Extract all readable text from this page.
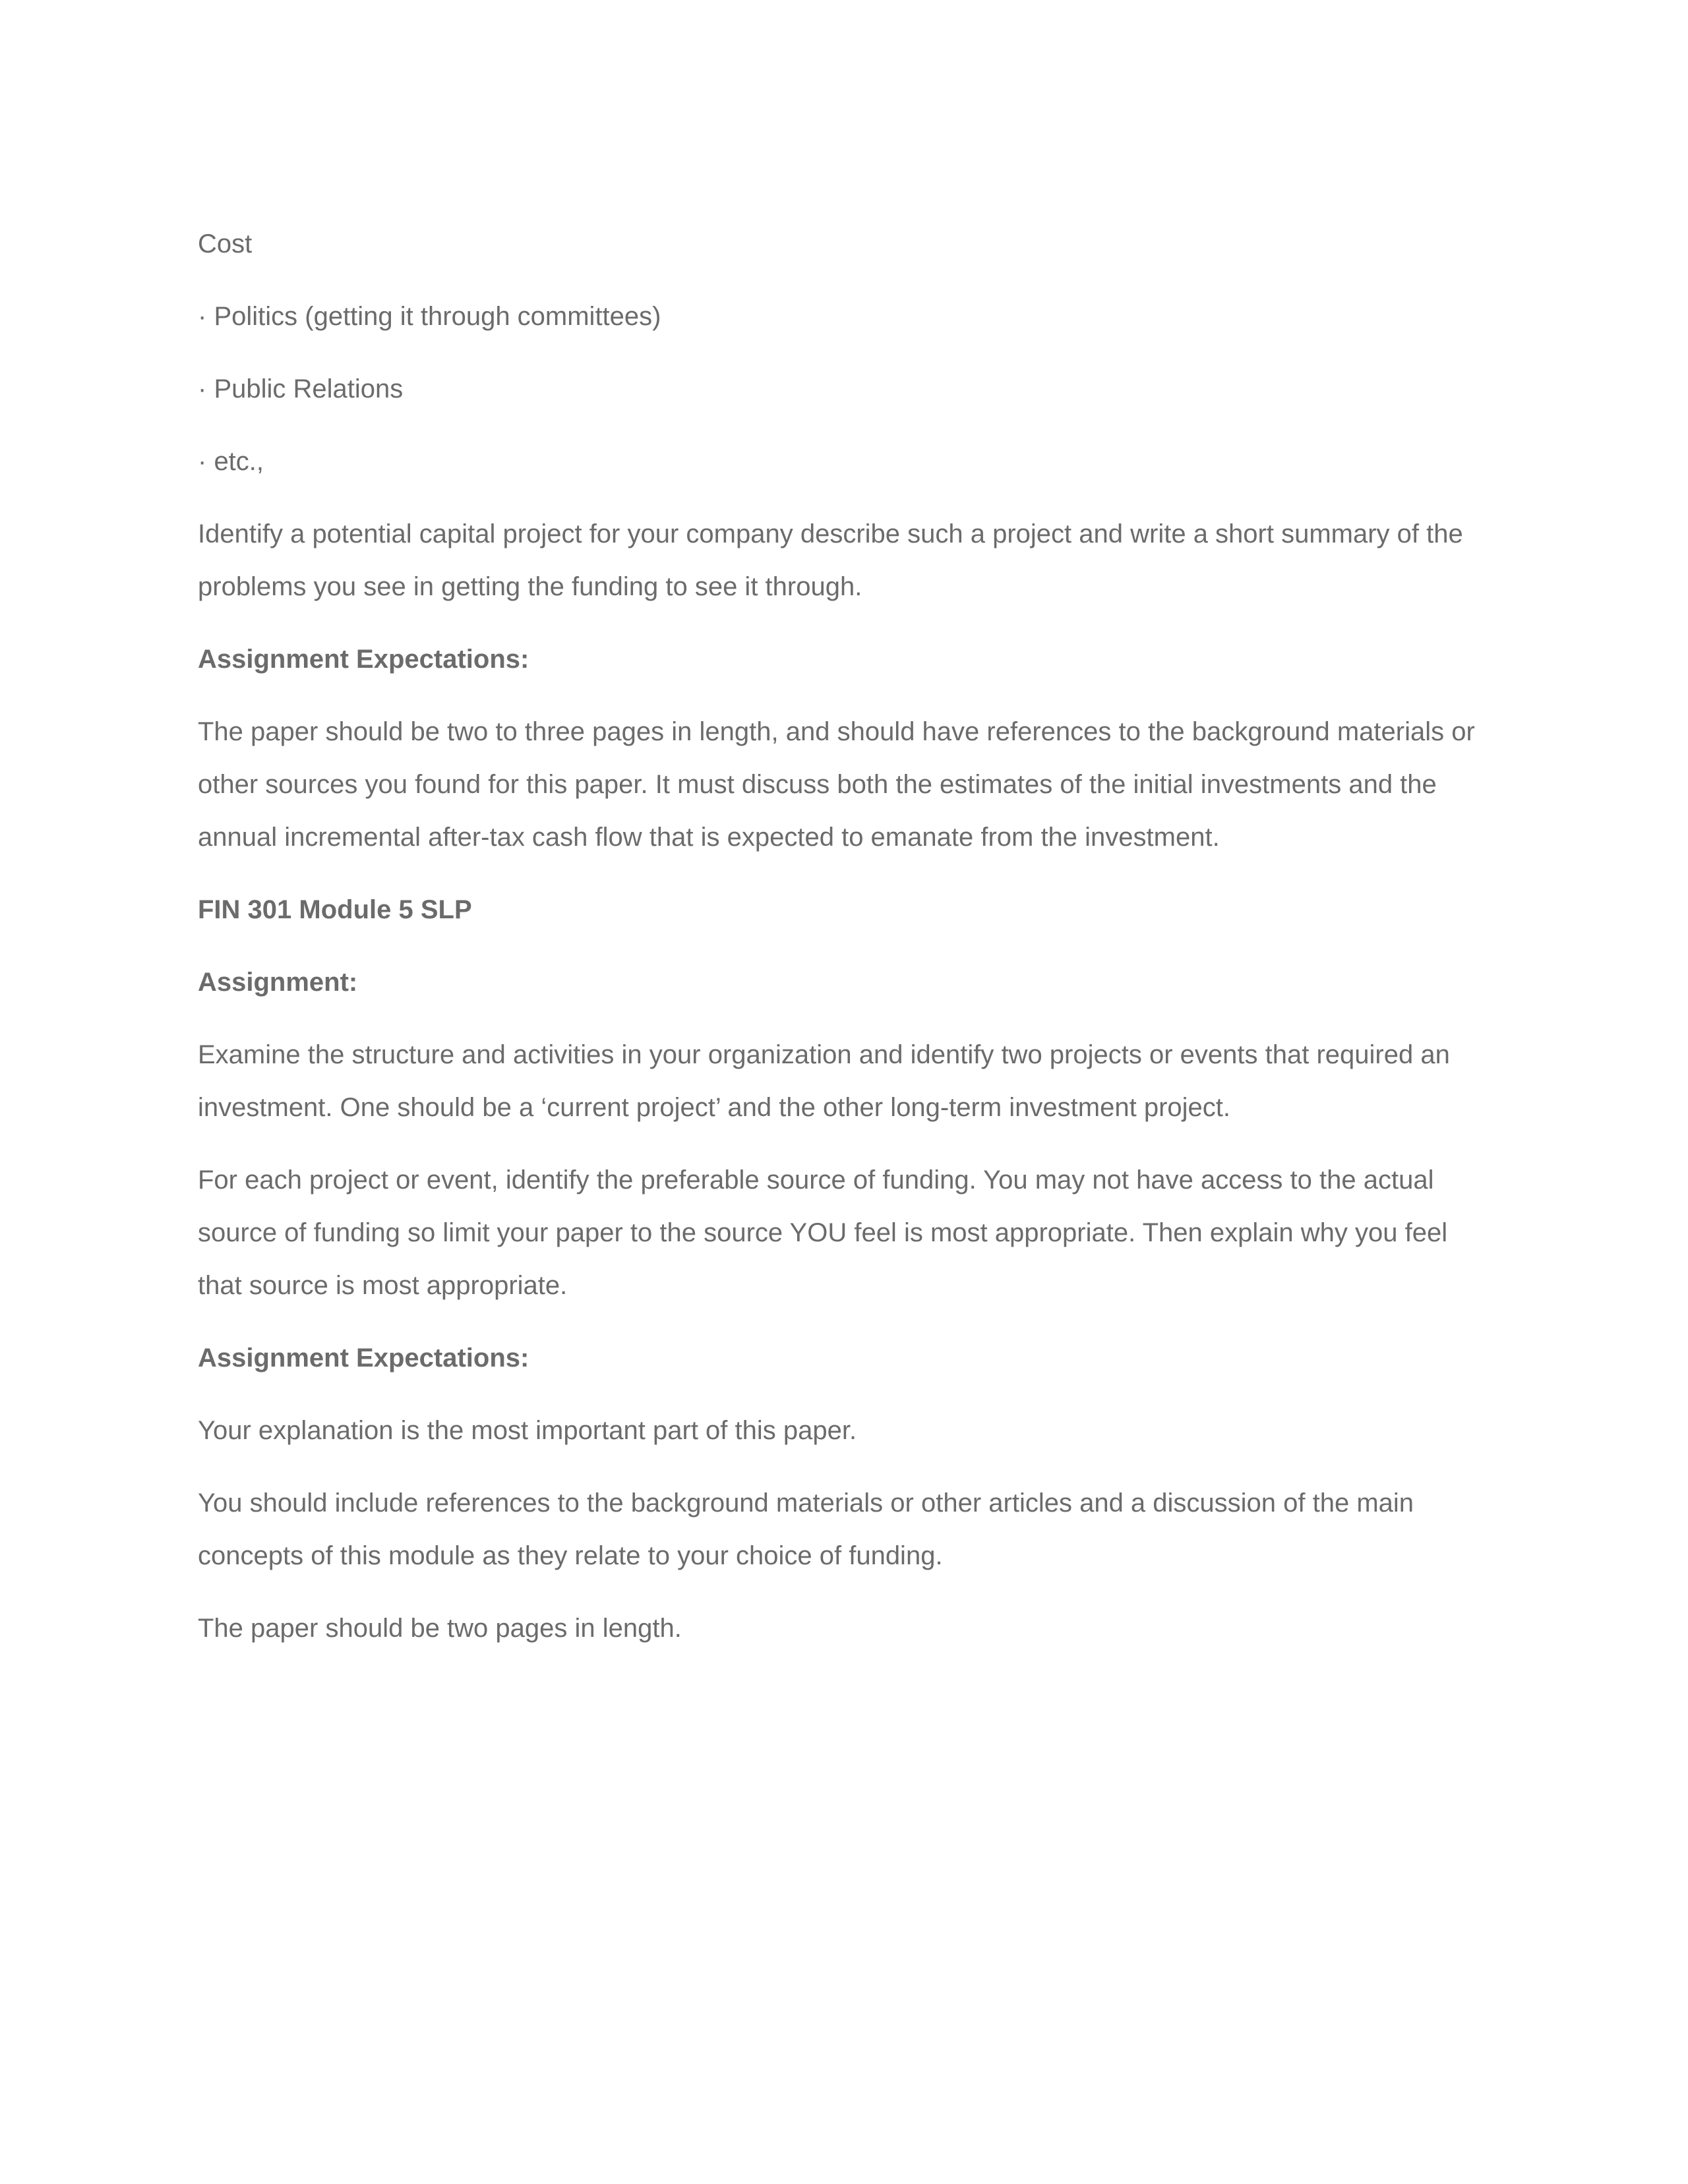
Cost

· Politics (getting it through committees)

· Public Relations

· etc.,

Identify a potential capital project for your company describe such a project and write a short summary of the problems you see in getting the funding to see it through.

Assignment Expectations:

The paper should be two to three pages in length, and should have references to the background materials or other sources you found for this paper. It must discuss both the estimates of the initial investments and the annual incremental after-tax cash flow that is expected to emanate from the investment.

FIN 301 Module 5 SLP
Assignment:

Examine the structure and activities in your organization and identify two projects or events that required an investment. One should be a ‘current project’ and the other long-term investment project.

For each project or event, identify the preferable source of funding. You may not have access to the actual source of funding so limit your paper to the source YOU feel is most appropriate. Then explain why you feel that source is most appropriate.

Assignment Expectations:

Your explanation is the most important part of this paper.

You should include references to the background materials or other articles and a discussion of the main concepts of this module as they relate to your choice of funding.

The paper should be two pages in length.
